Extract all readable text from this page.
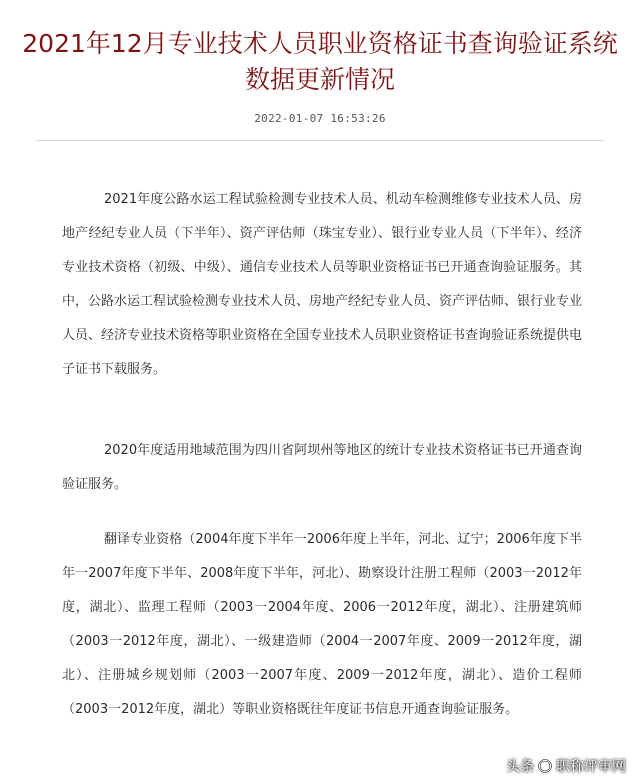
2021年12月专业技术人员职业资格证书查询验证系统数据更新情况
2022-01-07 16:53:26

2021年度公路水运工程试验检测专业技术人员、机动车检测维修专业技术人员、房地产经纪专业人员（下半年）、资产评估师（珠宝专业）、银行业专业人员（下半年）、经济专业技术资格（初级、中级）、通信专业技术人员等职业资格证书已开通查询验证服务。其中，公路水运工程试验检测专业技术人员、房地产经纪专业人员、资产评估师、银行业专业人员、经济专业技术资格等职业资格在全国专业技术人员职业资格证书查询验证系统提供电子证书下载服务。

2020年度适用地域范围为四川省阿坝州等地区的统计专业技术资格证书已开通查询验证服务。

翻译专业资格（2004年度下半年一2006年度上半年，河北、辽宁；2006年度下半年一2007年度下半年、2008年度下半年，河北）、勘察设计注册工程师（2003一2012年度，湖北）、监理工程师（2003一2004年度、2006一2012年度，湖北）、注册建筑师（2003一2012年度，湖北）、一级建造师（2004一2007年度、2009一2012年度，湖北）、注册城乡规划师（2003一2007年度、2009一2012年度，湖北）、造价工程师（2003一2012年度，湖北）等职业资格既往年度证书信息开通查询验证服务。

头条 职称评审网
